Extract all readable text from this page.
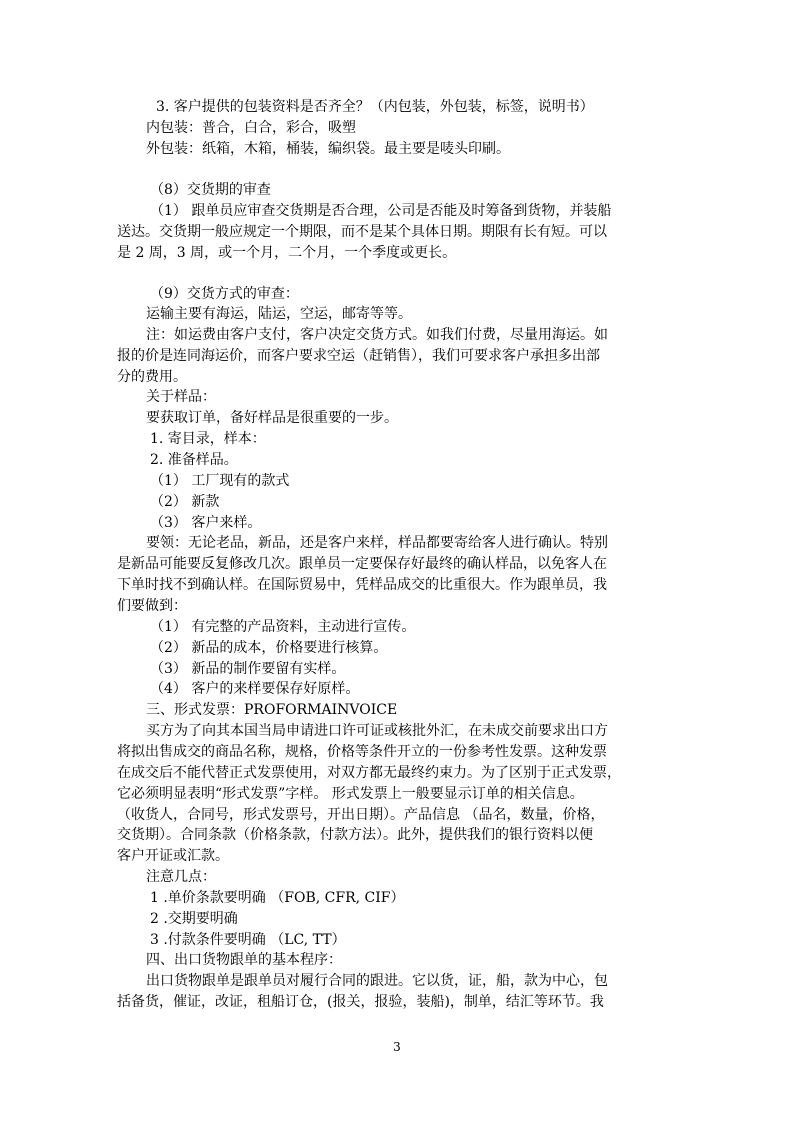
3. 客户提供的包装资料是否齐全？（内包装，外包装，标签，说明书）
内包装：普合，白合，彩合，吸塑
外包装：纸箱，木箱，桶装，编织袋。最主要是唛头印刷。
（8）交货期的审查
（1） 跟单员应审查交货期是否合理，公司是否能及时筹备到货物，并装船
送达。交货期一般应规定一个期限，而不是某个具体日期。期限有长有短。可以
是 2 周，3 周，或一个月，二个月，一个季度或更长。
（9）交货方式的审查：
运输主要有海运，陆运，空运，邮寄等等。
注：如运费由客户支付，客户决定交货方式。如我们付费，尽量用海运。如
报的价是连同海运价，而客户要求空运（赶销售），我们可要求客户承担多出部
分的费用。
关于样品：
要获取订单，备好样品是很重要的一步。
1. 寄目录，样本：
2. 准备样品。
（1） 工厂现有的款式
（2） 新款
（3） 客户来样。
要领：无论老品，新品，还是客户来样，样品都要寄给客人进行确认。特别
是新品可能要反复修改几次。跟单员一定要保存好最终的确认样品，以免客人在
下单时找不到确认样。在国际贸易中，凭样品成交的比重很大。作为跟单员，我
们要做到：
（1） 有完整的产品资料，主动进行宣传。
（2） 新品的成本，价格要进行核算。
（3） 新品的制作要留有实样。
（4） 客户的来样要保存好原样。
三、形式发票：PROFORMAINVOICE
买方为了向其本国当局申请进口许可证或核批外汇，在未成交前要求出口方
将拟出售成交的商品名称，规格，价格等条件开立的一份参考性发票。这种发票
在成交后不能代替正式发票使用，对双方都无最终约束力。为了区别于正式发票，
它必须明显表明“形式发票”字样。 形式发票上一般要显示订单的相关信息。
（收货人，合同号，形式发票号，开出日期）。产品信息 （品名，数量，价格，
交货期）。合同条款（价格条款，付款方法）。此外，提供我们的银行资料以便
客户开证或汇款。
注意几点：
1 .单价条款要明确 （FOB, CFR, CIF）
2 .交期要明确
3 .付款条件要明确 （LC, TT）
四、出口货物跟单的基本程序：
出口货物跟单是跟单员对履行合同的跟进。它以货，证，船，款为中心，包
括备货，催证，改证，租船订仓，(报关，报验，装船)，制单，结汇等环节。我
3
